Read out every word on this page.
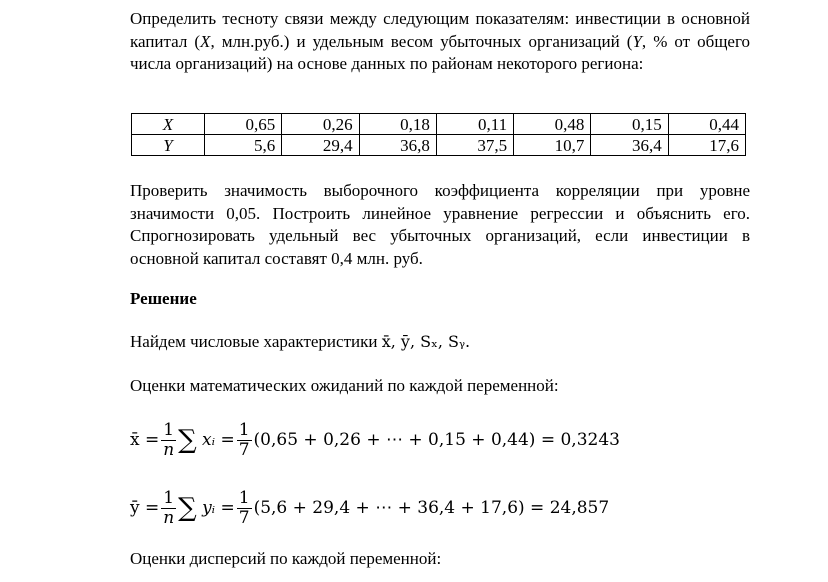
Определить тесноту связи между следующим показателям: инвестиции в основной капитал (X, млн.руб.) и удельным весом убыточных организаций (Y, % от общего числа организаций) на основе данных по районам некоторого региона:

X	0,65	0,26	0,18	0,11	0,48	0,15	0,44
Y	5,6	29,4	36,8	37,5	10,7	36,4	17,6

Проверить значимость выборочного коэффициента корреляции при уровне значимости 0,05. Построить линейное уравнение регрессии и объяснить его. Спрогнозировать удельный вес убыточных организаций, если инвестиции в основной капитал составят 0,4 млн. руб.

Решение

Найдем числовые характеристики x̄, ȳ, Sₓ, Sᵧ.

Оценки математических ожиданий по каждой переменной:

x̄
= $\frac{1}{n}$ ∑
xᵢ
= $\frac{1}{7} (0,65 + 0,26$ + ⋯ + 0,15 + 0,44) = 0,3243
ȳ
= $\frac{1}{n}$ ∑
yᵢ
= $\frac{1}{7} (5,6 + 29,4$ + ⋯ + 36,4 + 17,6) = 24,857

Оценки дисперсий по каждой переменной:
